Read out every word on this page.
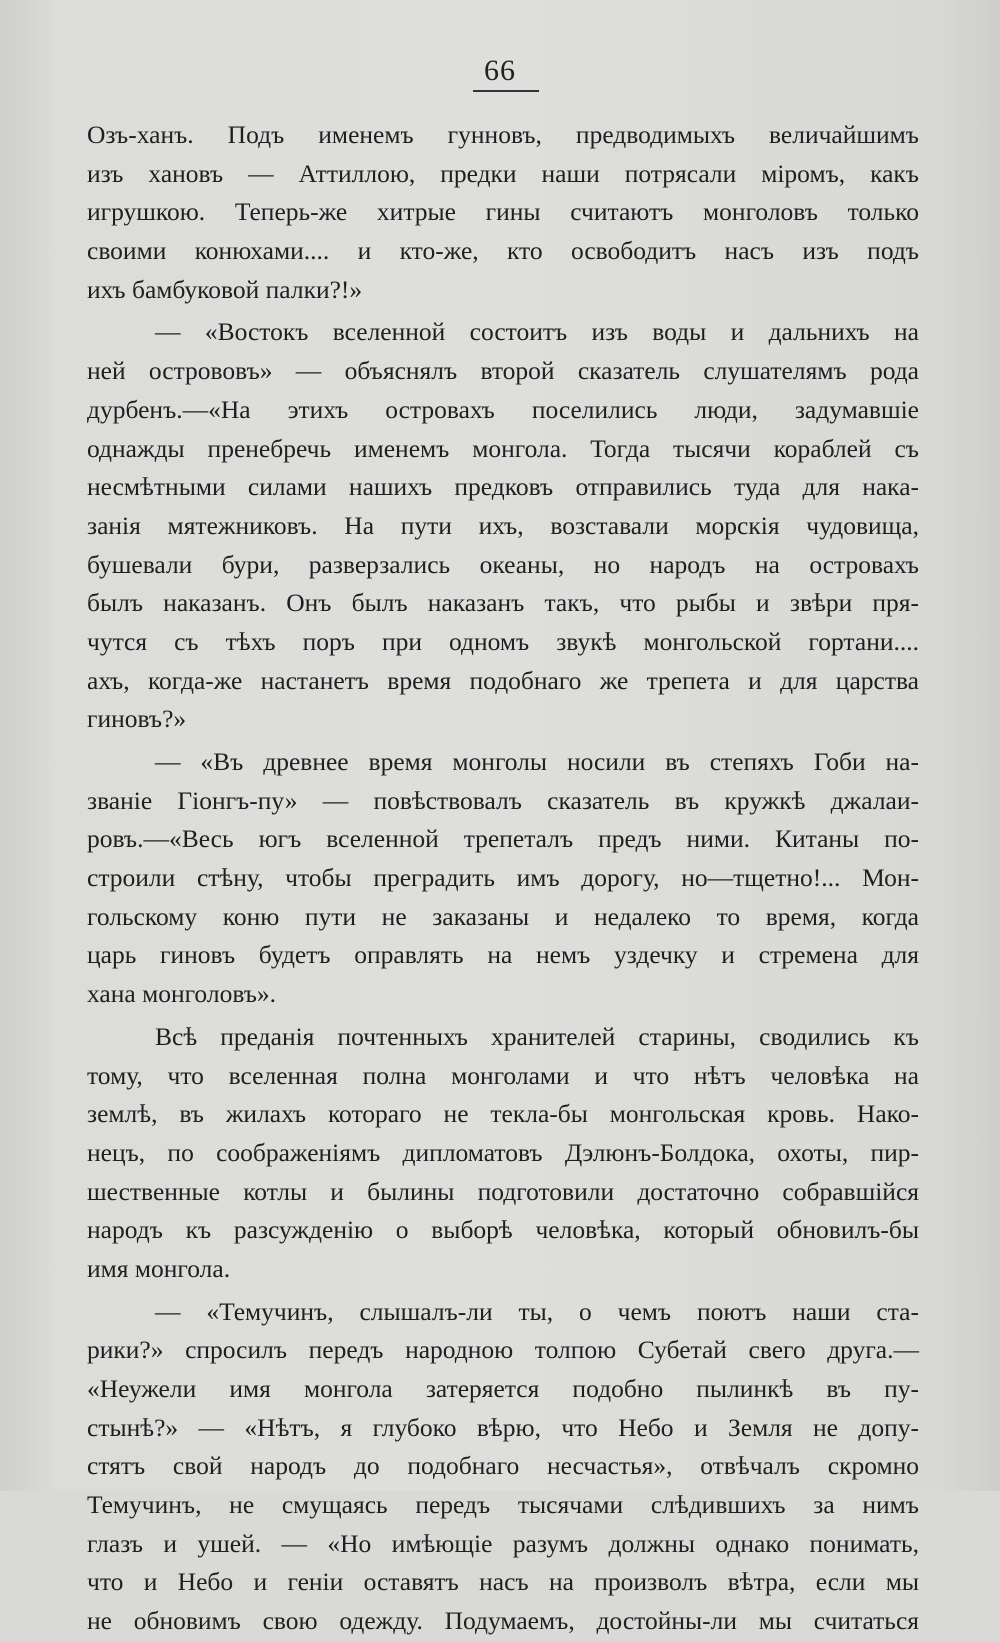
66
Озъ-ханъ. Подъ именемъ гунновъ, предводимыхъ величайшимъ
изъ хановъ — Аттиллою, предки наши потрясали міромъ, какъ
игрушкою. Теперь-же хитрые гины считаютъ монголовъ только
своими конюхами.... и кто-же, кто освободитъ насъ изъ подъ
ихъ бамбуковой палки?!»
— «Востокъ вселенной состоитъ изъ воды и дальнихъ на
ней острововъ» — объяснялъ второй сказатель слушателямъ рода
дурбенъ.—«На этихъ островахъ поселились люди, задумавшіе
однажды пренебречь именемъ монгола. Тогда тысячи кораблей съ
несмѣтными силами нашихъ предковъ отправились туда для нака-
занія мятежниковъ. На пути ихъ, возставали морскія чудовища,
бушевали бури, разверзались океаны, но народъ на островахъ
былъ наказанъ. Онъ былъ наказанъ такъ, что рыбы и звѣри пря-
чутся съ тѣхъ поръ при одномъ звукѣ монгольской гортани....
ахъ, когда-же настанетъ время подобнаго же трепета и для царства
гиновъ?»
— «Въ древнее время монголы носили въ степяхъ Гоби на-
званіе Гіонгъ-пу» — повѣствовалъ сказатель въ кружкѣ джалаи-
ровъ.—«Весь югъ вселенной трепеталъ предъ ними. Китаны по-
строили стѣну, чтобы преградить имъ дорогу, но—тщетно!... Мон-
гольскому коню пути не заказаны и недалеко то время, когда
царь гиновъ будетъ оправлять на немъ уздечку и стремена для
хана монголовъ».
Всѣ преданія почтенныхъ хранителей старины, сводились къ
тому, что вселенная полна монголами и что нѣтъ человѣка на
землѣ, въ жилахъ котораго не текла-бы монгольская кровь. Нако-
нецъ, по соображеніямъ дипломатовъ Дэлюнъ-Болдока, охоты, пир-
шественные котлы и былины подготовили достаточно собравшійся
народъ къ разсужденію о выборѣ человѣка, который обновилъ-бы
имя монгола.
— «Темучинъ, слышалъ-ли ты, о чемъ поютъ наши ста-
рики?» спросилъ передъ народною толпою Субетай свего друга.—
«Неужели имя монгола затеряется подобно пылинкѣ въ пу-
стынѣ?» — «Нѣтъ, я глубоко вѣрю, что Небо и Земля не допу-
стятъ свой народъ до подобнаго несчастья», отвѣчалъ скромно
Темучинъ, не смущаясь передъ тысячами слѣдившихъ за нимъ
глазъ и ушей. — «Но имѣющіе разумъ должны однако понимать,
что и Небо и геніи оставятъ насъ на произволъ вѣтра, если мы
не обновимъ свою одежду. Подумаемъ, достойны-ли мы считаться
